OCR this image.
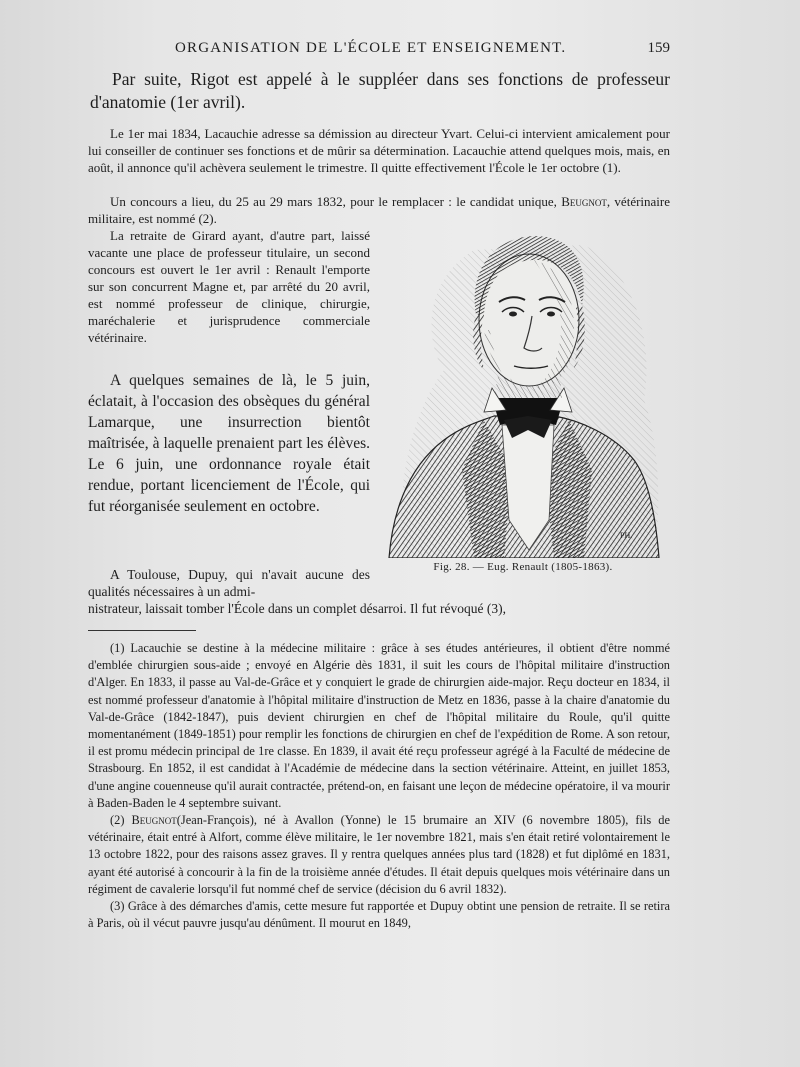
ORGANISATION DE L'ÉCOLE ET ENSEIGNEMENT.	159

Par suite, Rigot est appelé à le suppléer dans ses fonctions de professeur d'anatomie (1er avril).

Le 1er mai 1834, Lacauchie adresse sa démission au directeur Yvart. Celui-ci intervient amicalement pour lui conseiller de continuer ses fonctions et de mûrir sa détermination. Lacauchie attend quelques mois, mais, en août, il annonce qu'il achèvera seulement le trimestre. Il quitte effectivement l'École le 1er octobre (1).

Un concours a lieu, du 25 au 29 mars 1832, pour le remplacer : le candidat unique, Beugnot, vétérinaire militaire, est nommé (2).

La retraite de Girard ayant, d'autre part, laissé vacante une place de professeur titulaire, un second concours est ouvert le 1er avril : Renault l'emporte sur son concurrent Magne et, par arrêté du 20 avril, est nommé professeur de clinique, chirurgie, maréchalerie et jurisprudence commerciale vétérinaire.

A quelques semaines de là, le 5 juin, éclatait, à l'occasion des obsèques du général Lamarque, une insurrection bientôt maîtrisée, à laquelle prenaient part les élèves. Le 6 juin, une ordonnance royale était rendue, portant licenciement de l'École, qui fut réorganisée seulement en octobre.

A Toulouse, Dupuy, qui n'avait aucune des qualités nécessaires à un admi-

nistrateur, laissait tomber l'École dans un complet désarroi. Il fut révoqué (3),

PH.
Fig. 28. — Eug. Renault (1805-1863).

(1) Lacauchie se destine à la médecine militaire : grâce à ses études antérieures, il obtient d'être nommé d'emblée chirurgien sous-aide ; envoyé en Algérie dès 1831, il suit les cours de l'hôpital militaire d'instruction d'Alger. En 1833, il passe au Val-de-Grâce et y conquiert le grade de chirurgien aide-major. Reçu docteur en 1834, il est nommé professeur d'anatomie à l'hôpital militaire d'instruction de Metz en 1836, passe à la chaire d'anatomie du Val-de-Grâce (1842-1847), puis devient chirurgien en chef de l'hôpital militaire du Roule, qu'il quitte momentanément (1849-1851) pour remplir les fonctions de chirurgien en chef de l'expédition de Rome. A son retour, il est promu médecin principal de 1re classe. En 1839, il avait été reçu professeur agrégé à la Faculté de médecine de Strasbourg. En 1852, il est candidat à l'Académie de médecine dans la section vétérinaire. Atteint, en juillet 1853, d'une angine couenneuse qu'il aurait contractée, prétend-on, en faisant une leçon de médecine opératoire, il va mourir à Baden-Baden le 4 septembre suivant.

(2) Beugnot(Jean-François), né à Avallon (Yonne) le 15 brumaire an XIV (6 novembre 1805), fils de vétérinaire, était entré à Alfort, comme élève militaire, le 1er novembre 1821, mais s'en était retiré volontairement le 13 octobre 1822, pour des raisons assez graves. Il y rentra quelques années plus tard (1828) et fut diplômé en 1831, ayant été autorisé à concourir à la fin de la troisième année d'études. Il était depuis quelques mois vétérinaire dans un régiment de cavalerie lorsqu'il fut nommé chef de service (décision du 6 avril 1832).

(3) Grâce à des démarches d'amis, cette mesure fut rapportée et Dupuy obtint une pension de retraite. Il se retira à Paris, où il vécut pauvre jusqu'au dénûment. Il mourut en 1849,
